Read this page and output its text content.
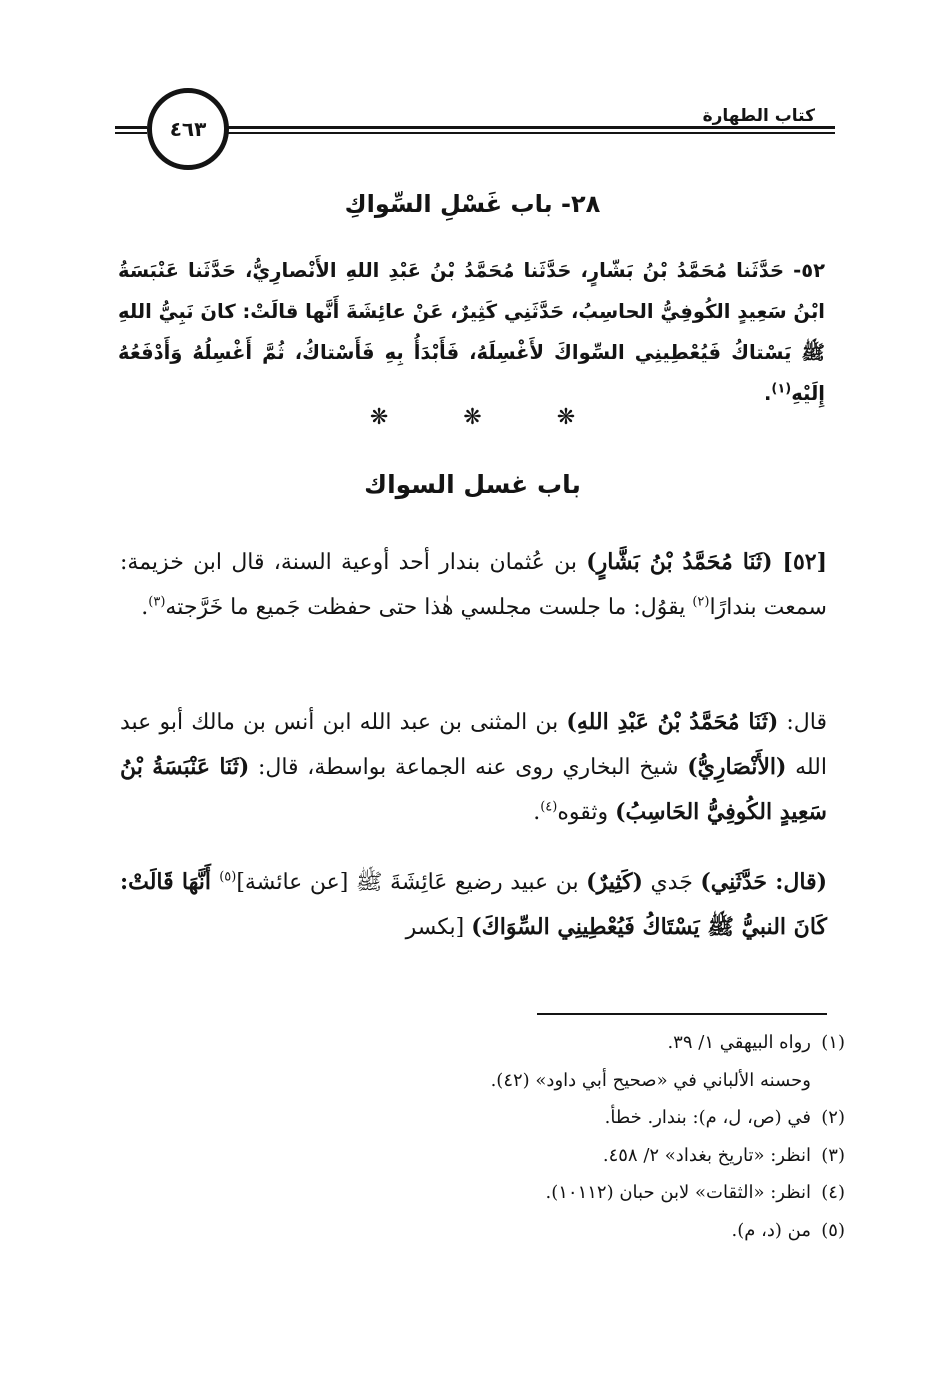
كتاب الطهارة
٤٦٣
٢٨- باب غَسْلِ السِّواكِ
٥٢- حَدَّثَنا مُحَمَّدُ بْنُ بَشّارٍ، حَدَّثَنا مُحَمَّدُ بْنُ عَبْدِ اللهِ الأَنْصارِيُّ، حَدَّثَنا عَنْبَسَةُ ابْنُ سَعِيدٍ الكُوفِيُّ الحاسِبُ، حَدَّثَنِي كَثِيرٌ، عَنْ عائِشَةَ أَنَّها قالَتْ: كانَ نَبِيُّ اللهِ ﷺ يَسْتاكُ فَيُعْطِينِي السِّواكَ لأَغْسِلَهُ، فَأَبْدَأُ بِهِ فَأَسْتاكُ، ثُمَّ أَغْسِلُهُ وَأَدْفَعُهُ إِلَيْهِ$^{(١)}$.
❋ ❋ ❋
باب غسل السواك
[٥٢] (ثَنَا مُحَمَّدُ بْنُ بَشَّارٍ) بن عُثمان بندار أحد أوعية السنة، قال ابن خزيمة: سمعت بندارًا$^{(٢)}$ يقوُل: ما جلست مجلسي هٰذا حتى حفظت جَميع ما خَرَّجته$^{(٣)}$.
قال: (ثَنَا مُحَمَّدُ بْنُ عَبْدِ اللهِ) بن المثنى بن عبد الله ابن أنس بن مالك أبو عبد الله (الأَنْصَارِيُّ) شيخ البخاري روى عنه الجماعة بواسطة، قال: (ثَنَا عَنْبَسَةُ بْنُ سَعِيدٍ الكُوفِيُّ الحَاسِبُ) وثقوه$^{(٤)}$.
(قال: حَدَّثَنِي) جَدي (كَثِيرٌ) بن عبيد رضيع عَائِشَةَ ﷺ [عن عائشة]$^{(٥)}$ أَنَّهَا قَالَتْ: كَانَ النبيُّ ﷺ يَسْتَاكُ فَيُعْطِينِي السِّوَاكَ) [بكسر
(١)رواه البيهقي ١/ ٣٩.
وحسنه الألباني في «صحيح أبي داود» (٤٢).
(٢)في (ص، ل، م): بندار. خطأ.
(٣)انظر: «تاريخ بغداد» ٢/ ٤٥٨.
(٤)انظر: «الثقات» لابن حبان (١٠١١٢).
(٥)من (د، م).
